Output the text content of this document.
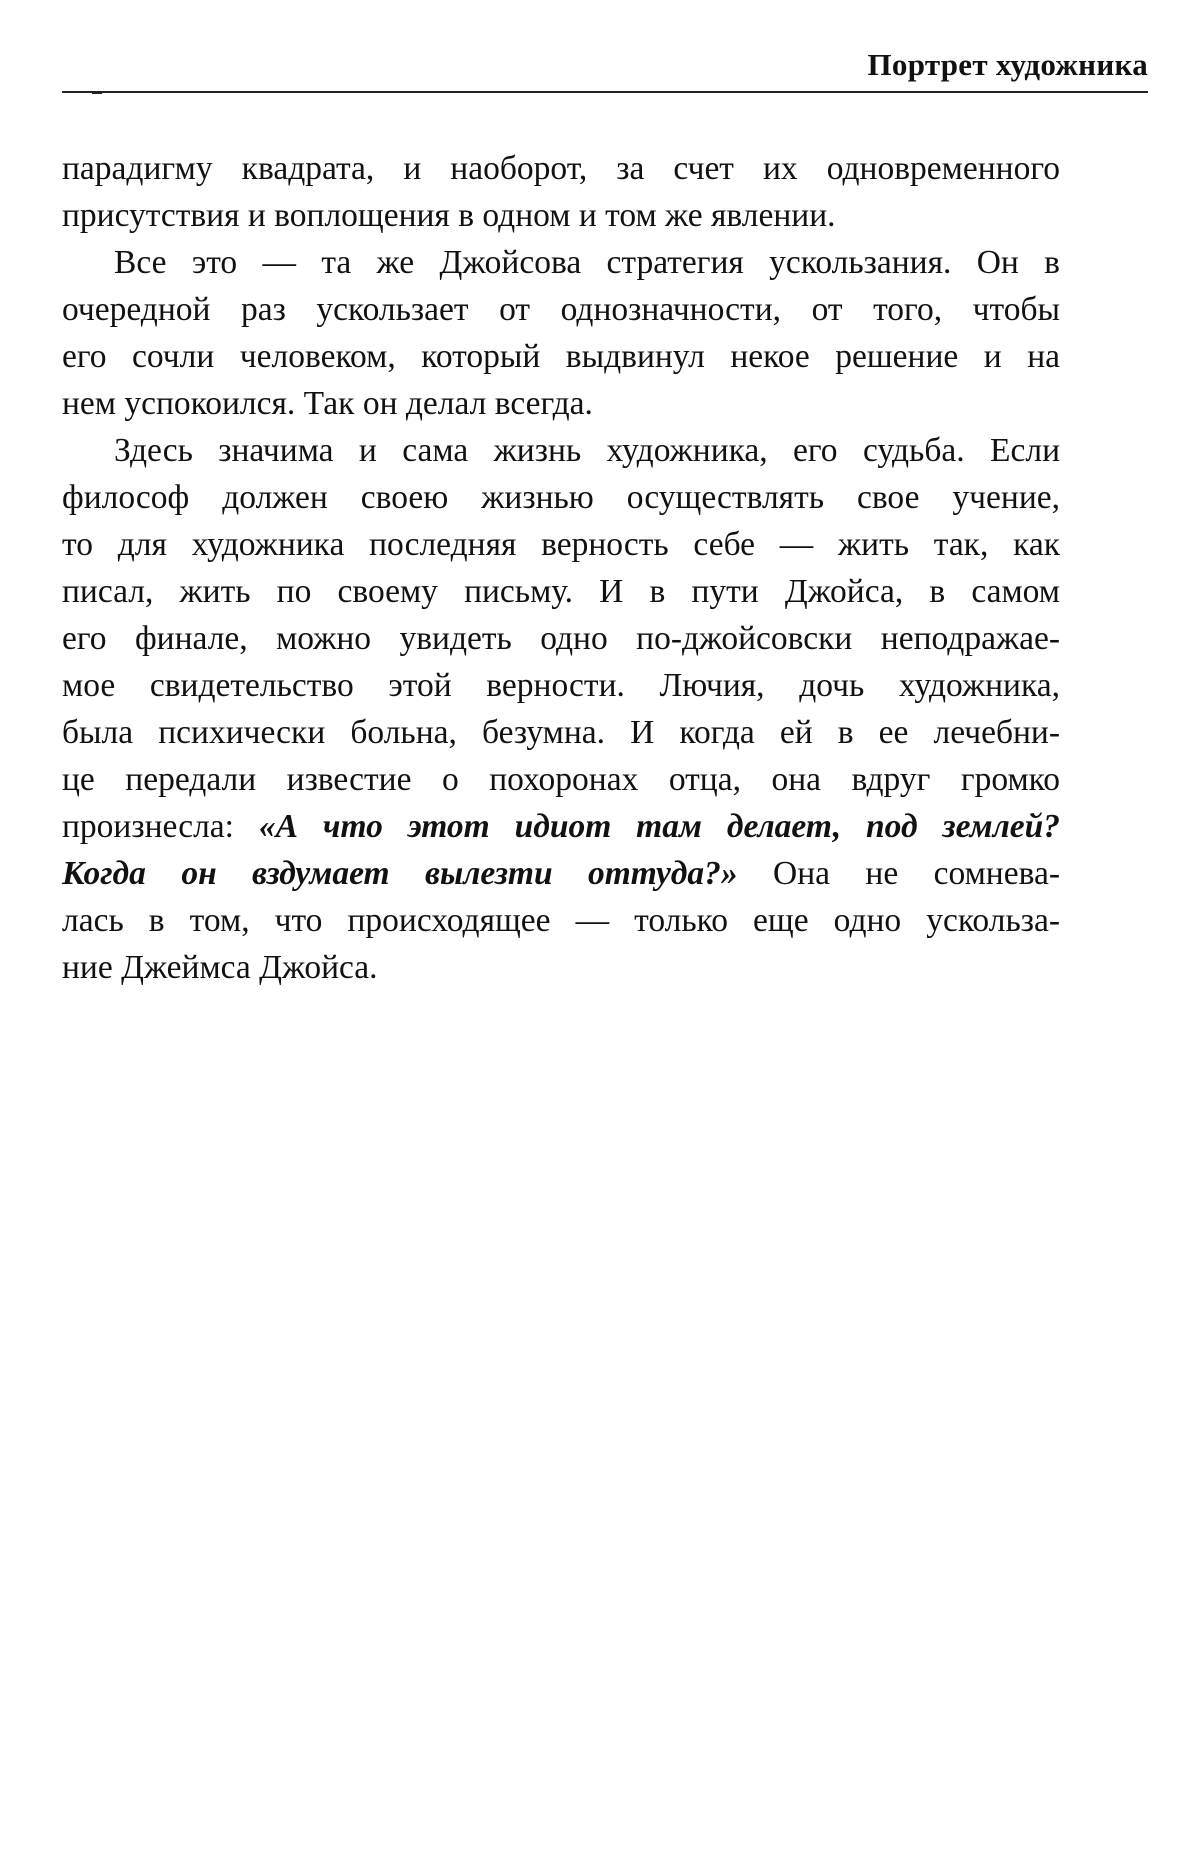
Портрет художника
парадигму квадрата, и наоборот, за счет их одновременного
присутствия и воплощения в одном и том же явлении.
Все это — та же Джойсова стратегия ускользания. Он в
очередной раз ускользает от однозначности, от того, чтобы
его сочли человеком, который выдвинул некое решение и на
нем успокоился. Так он делал всегда.
Здесь значима и сама жизнь художника, его судьба. Если
философ должен своею жизнью осуществлять свое учение,
то для художника последняя верность себе — жить так, как
писал, жить по своему письму. И в пути Джойса, в самом
его финале, можно увидеть одно по-джойсовски неподражае-
мое свидетельство этой верности. Лючия, дочь художника,
была психически больна, безумна. И когда ей в ее лечебни-
це передали известие о похоронах отца, она вдруг громко
произнесла: «А что этот идиот там делает, под землей?
Когда он вздумает вылезти оттуда?» Она не сомнева-
лась в том, что происходящее — только еще одно ускольза-
ние Джеймса Джойса.
